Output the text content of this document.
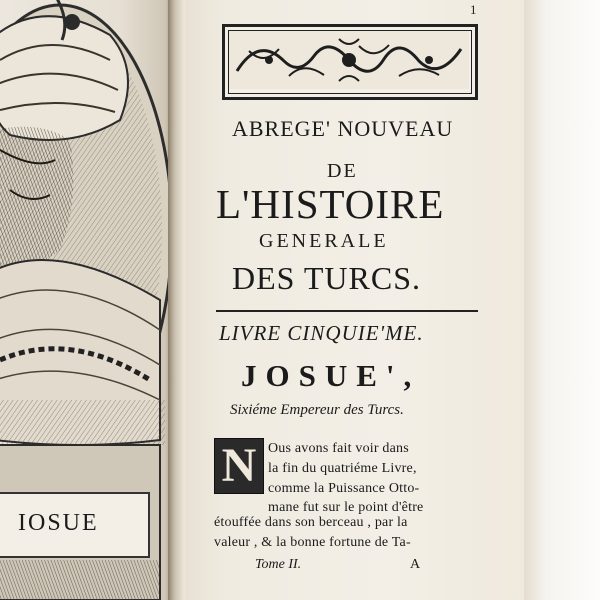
IOSUE
1
ABREGE' NOUVEAU
DE
L'HISTOIRE
GENERALE
DES TURCS.
LIVRE CINQUIE'ME.
JOSUE',
Sixiéme Empereur des Turcs.
N Ous avons fait voir dans
la fin du quatriéme Livre,
comme la Puissance Otto-
mane fut sur le point d'être
étouffée dans son berceau , par la
valeur , & la bonne fortune de Ta-
Tome II.	A
